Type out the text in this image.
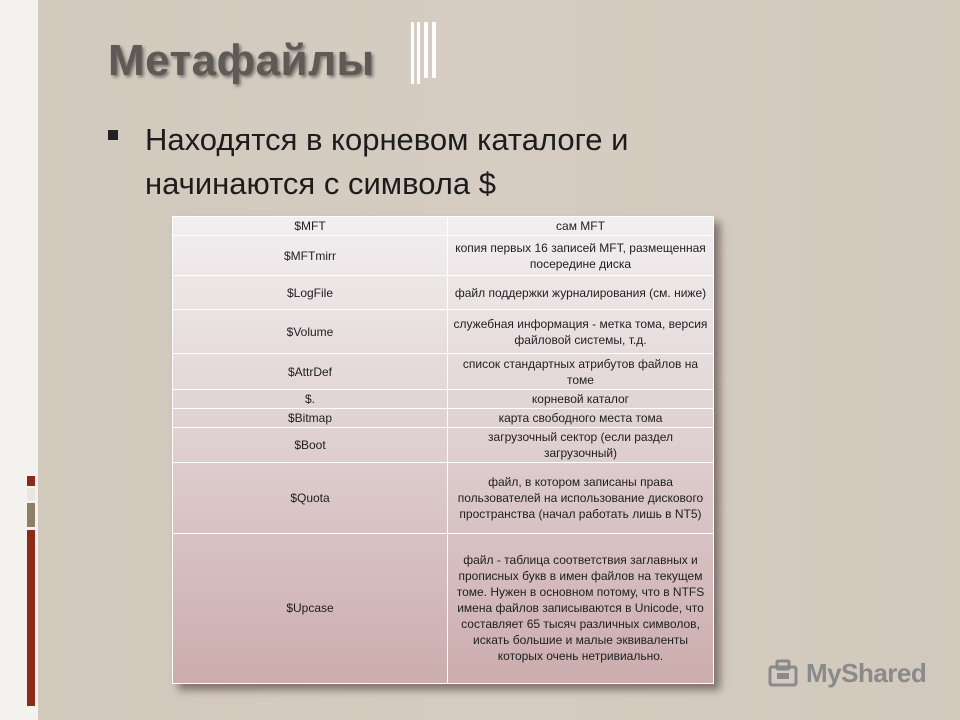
Метафайлы
Находятся в корневом каталоге и
начинаются с символа $
$MFT	сам MFT
$MFTmirr	копия первых 16 записей MFT, размещенная посередине диска
$LogFile	файл поддержки журналирования (см. ниже)
$Volume	служебная информация - метка тома, версия файловой системы, т.д.
$AttrDef	список стандартных атрибутов файлов на томе
$.	корневой каталог
$Bitmap	карта свободного места тома
$Boot	загрузочный сектор (если раздел загрузочный)
$Quota	файл, в котором записаны права пользователей на использование дискового пространства (начал работать лишь в NT5)
$Upcase	файл - таблица соответствия заглавных и прописных букв в имен файлов на текущем томе. Нужен в основном потому, что в NTFS имена файлов записываются в Unicode, что составляет 65 тысяч различных символов, искать большие и малые эквиваленты которых очень нетривиально.
MyShared
